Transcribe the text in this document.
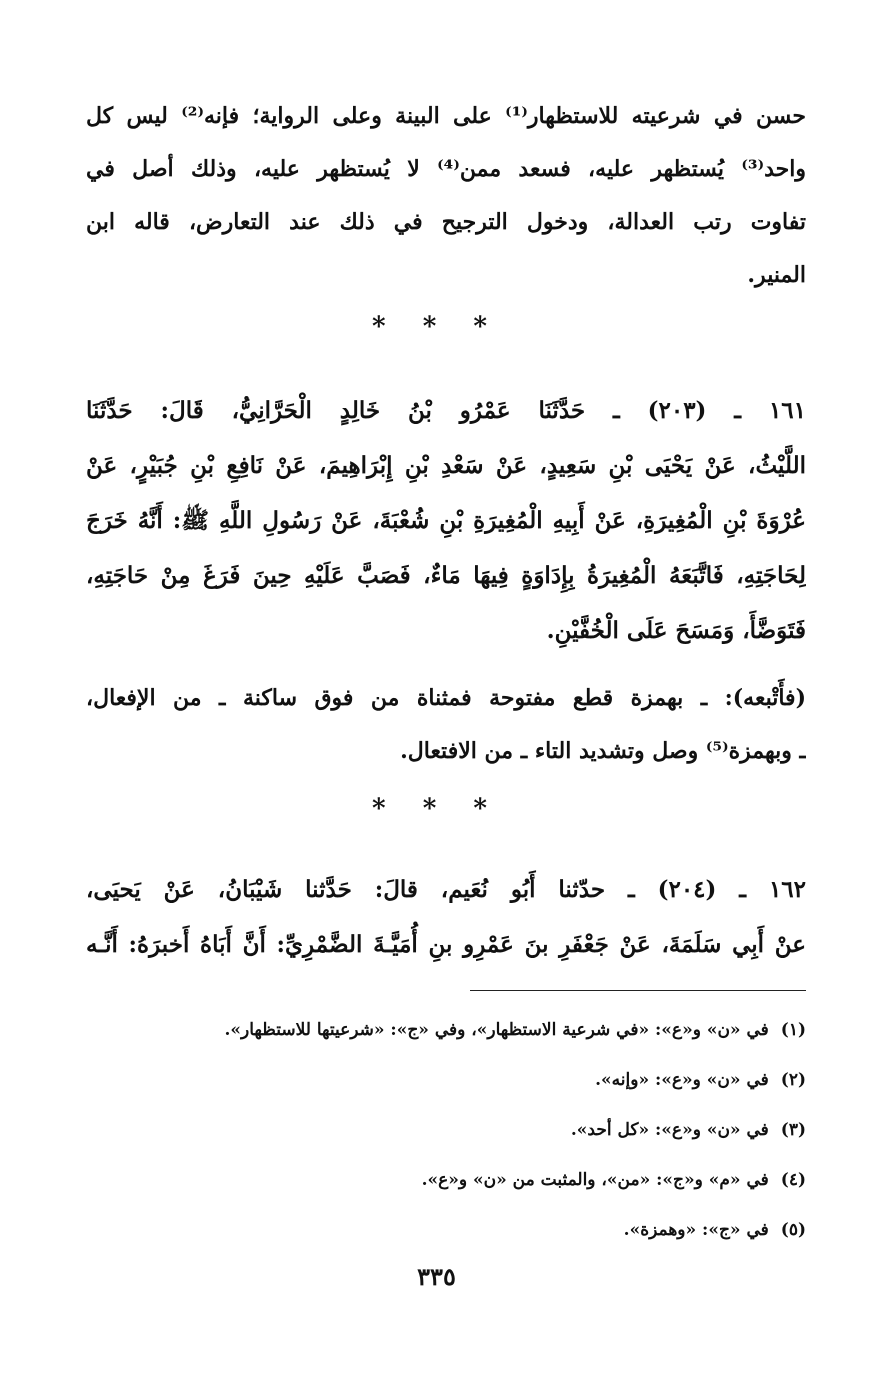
حسن في شرعيته للاستظهار⁽¹⁾ على البينة وعلى الرواية؛ فإنه⁽²⁾ ليس كل
واحد⁽³⁾ يُستظهر عليه، فسعد ممن⁽⁴⁾ لا يُستظهر عليه، وذلك أصل في
تفاوت رتب العدالة، ودخول الترجيح في ذلك عند التعارض، قاله ابن
المنير.
* * *
١٦١ ـ (٢٠٣) ـ حَدَّثَنَا عَمْرُو بْنُ خَالِدٍ الْحَرَّانِيُّ، قَالَ: حَدَّثَنَا
اللَّيْثُ، عَنْ يَحْيَى بْنِ سَعِيدٍ، عَنْ سَعْدِ بْنِ إِبْرَاهِيمَ، عَنْ نَافِعِ بْنِ جُبَيْرٍ، عَنْ
عُرْوَةَ بْنِ الْمُغِيرَةِ، عَنْ أَبِيهِ الْمُغِيرَةِ بْنِ شُعْبَةَ، عَنْ رَسُولِ اللَّهِ ﷺ: أَنَّهُ خَرَجَ
لِحَاجَتِهِ، فَاتَّبَعَهُ الْمُغِيرَةُ بِإِدَاوَةٍ فِيهَا مَاءٌ، فَصَبَّ عَلَيْهِ حِينَ فَرَغَ مِنْ حَاجَتِهِ،
فَتَوَضَّأَ، وَمَسَحَ عَلَى الْخُفَّيْنِ.
(فأَتْبعه): ـ بهمزة قطع مفتوحة فمثناة من فوق ساكنة ـ من الإفعال،
ـ وبهمزة⁽⁵⁾ وصل وتشديد التاء ـ من الافتعال.
* * *
١٦٢ ـ (٢٠٤) ـ حدّثنا أَبُو نُعَيم، قالَ: حَدَّثنا شَيْبَانُ، عَنْ يَحيَى،
عنْ أَبِي سَلَمَةَ، عَنْ جَعْفَرِ بنَ عَمْرِو بنِ أُمَيَّـةَ الضَّمْرِيِّ: أَنَّ أَبَاهُ أَخبرَهُ: أَنَّـه
(١)في «ن» و«ع»: «في شرعية الاستظهار»، وفي «ج»: «شرعيتها للاستظهار».
(٢)في «ن» و«ع»: «وإنه».
(٣)في «ن» و«ع»: «كل أحد».
(٤)في «م» و«ج»: «من»، والمثبت من «ن» و«ع».
(٥)في «ج»: «وهمزة».
٣٣٥
